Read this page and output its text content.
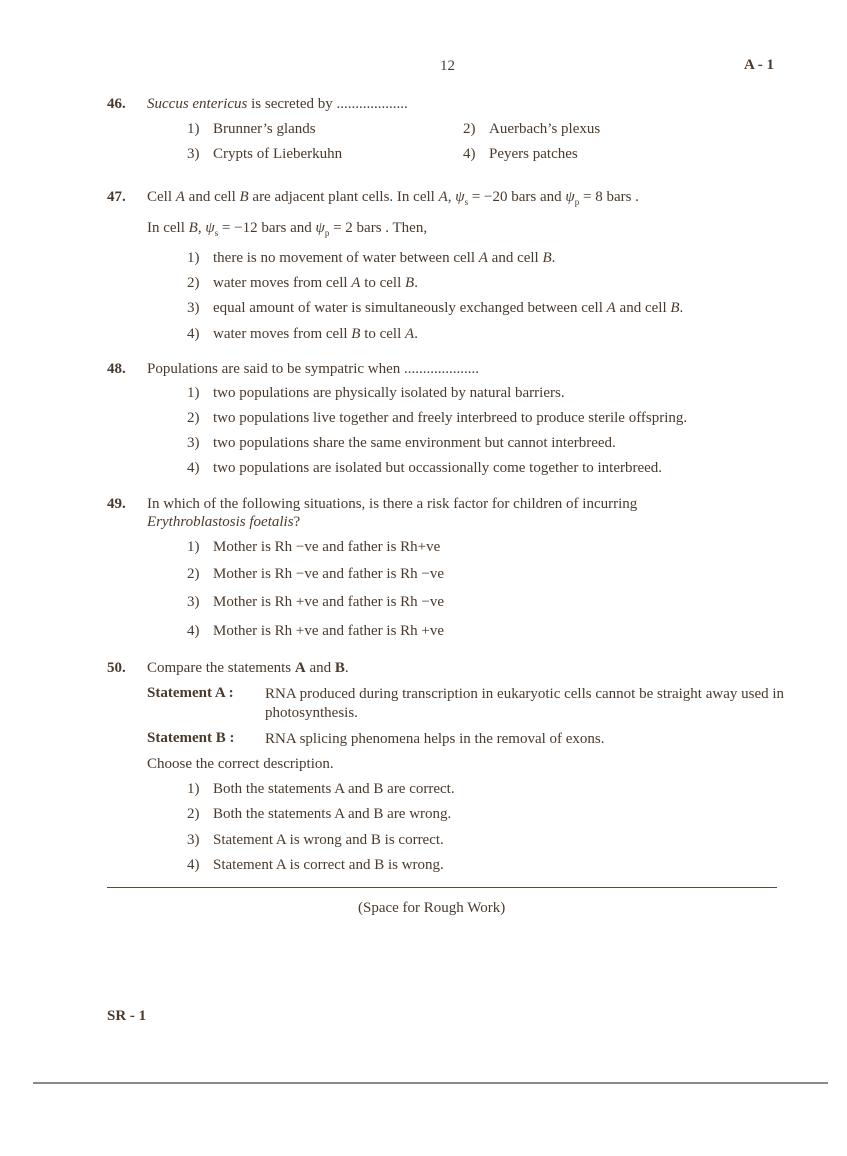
12	A - 1
46. Succus entericus is secreted by ...................
1) Brunner’s glands	2) Auerbach’s plexus
3) Crypts of Lieberkuhn	4) Peyers patches
47. Cell A and cell B are adjacent plant cells. In cell A, $\psi_s = -20$ bars and $\psi_p = 8$ bars .
In cell B, $\psi_s = -12$ bars and $\psi_p = 2$ bars . Then,
1) there is no movement of water between cell A and cell B.
2) water moves from cell A to cell B.
3) equal amount of water is simultaneously exchanged between cell A and cell B.
4) water moves from cell B to cell A.
48. Populations are said to be sympatric when ....................
1) two populations are physically isolated by natural barriers.
2) two populations live together and freely interbreed to produce sterile offspring.
3) two populations share the same environment but cannot interbreed.
4) two populations are isolated but occassionally come together to interbreed.
49. In which of the following situations, is there a risk factor for children of incurring
Erythroblastosis foetalis?
1) Mother is Rh −ve and father is Rh+ve
2) Mother is Rh −ve and father is Rh −ve
3) Mother is Rh +ve and father is Rh −ve
4) Mother is Rh +ve and father is Rh +ve
50. Compare the statements A and B.
Statement A : RNA produced during transcription in eukaryotic cells cannot be straight away used in photosynthesis.
Statement B : RNA splicing phenomena helps in the removal of exons.
Choose the correct description.
1) Both the statements A and B are correct.
2) Both the statements A and B are wrong.
3) Statement A is wrong and B is correct.
4) Statement A is correct and B is wrong.
(Space for Rough Work)
SR - 1
